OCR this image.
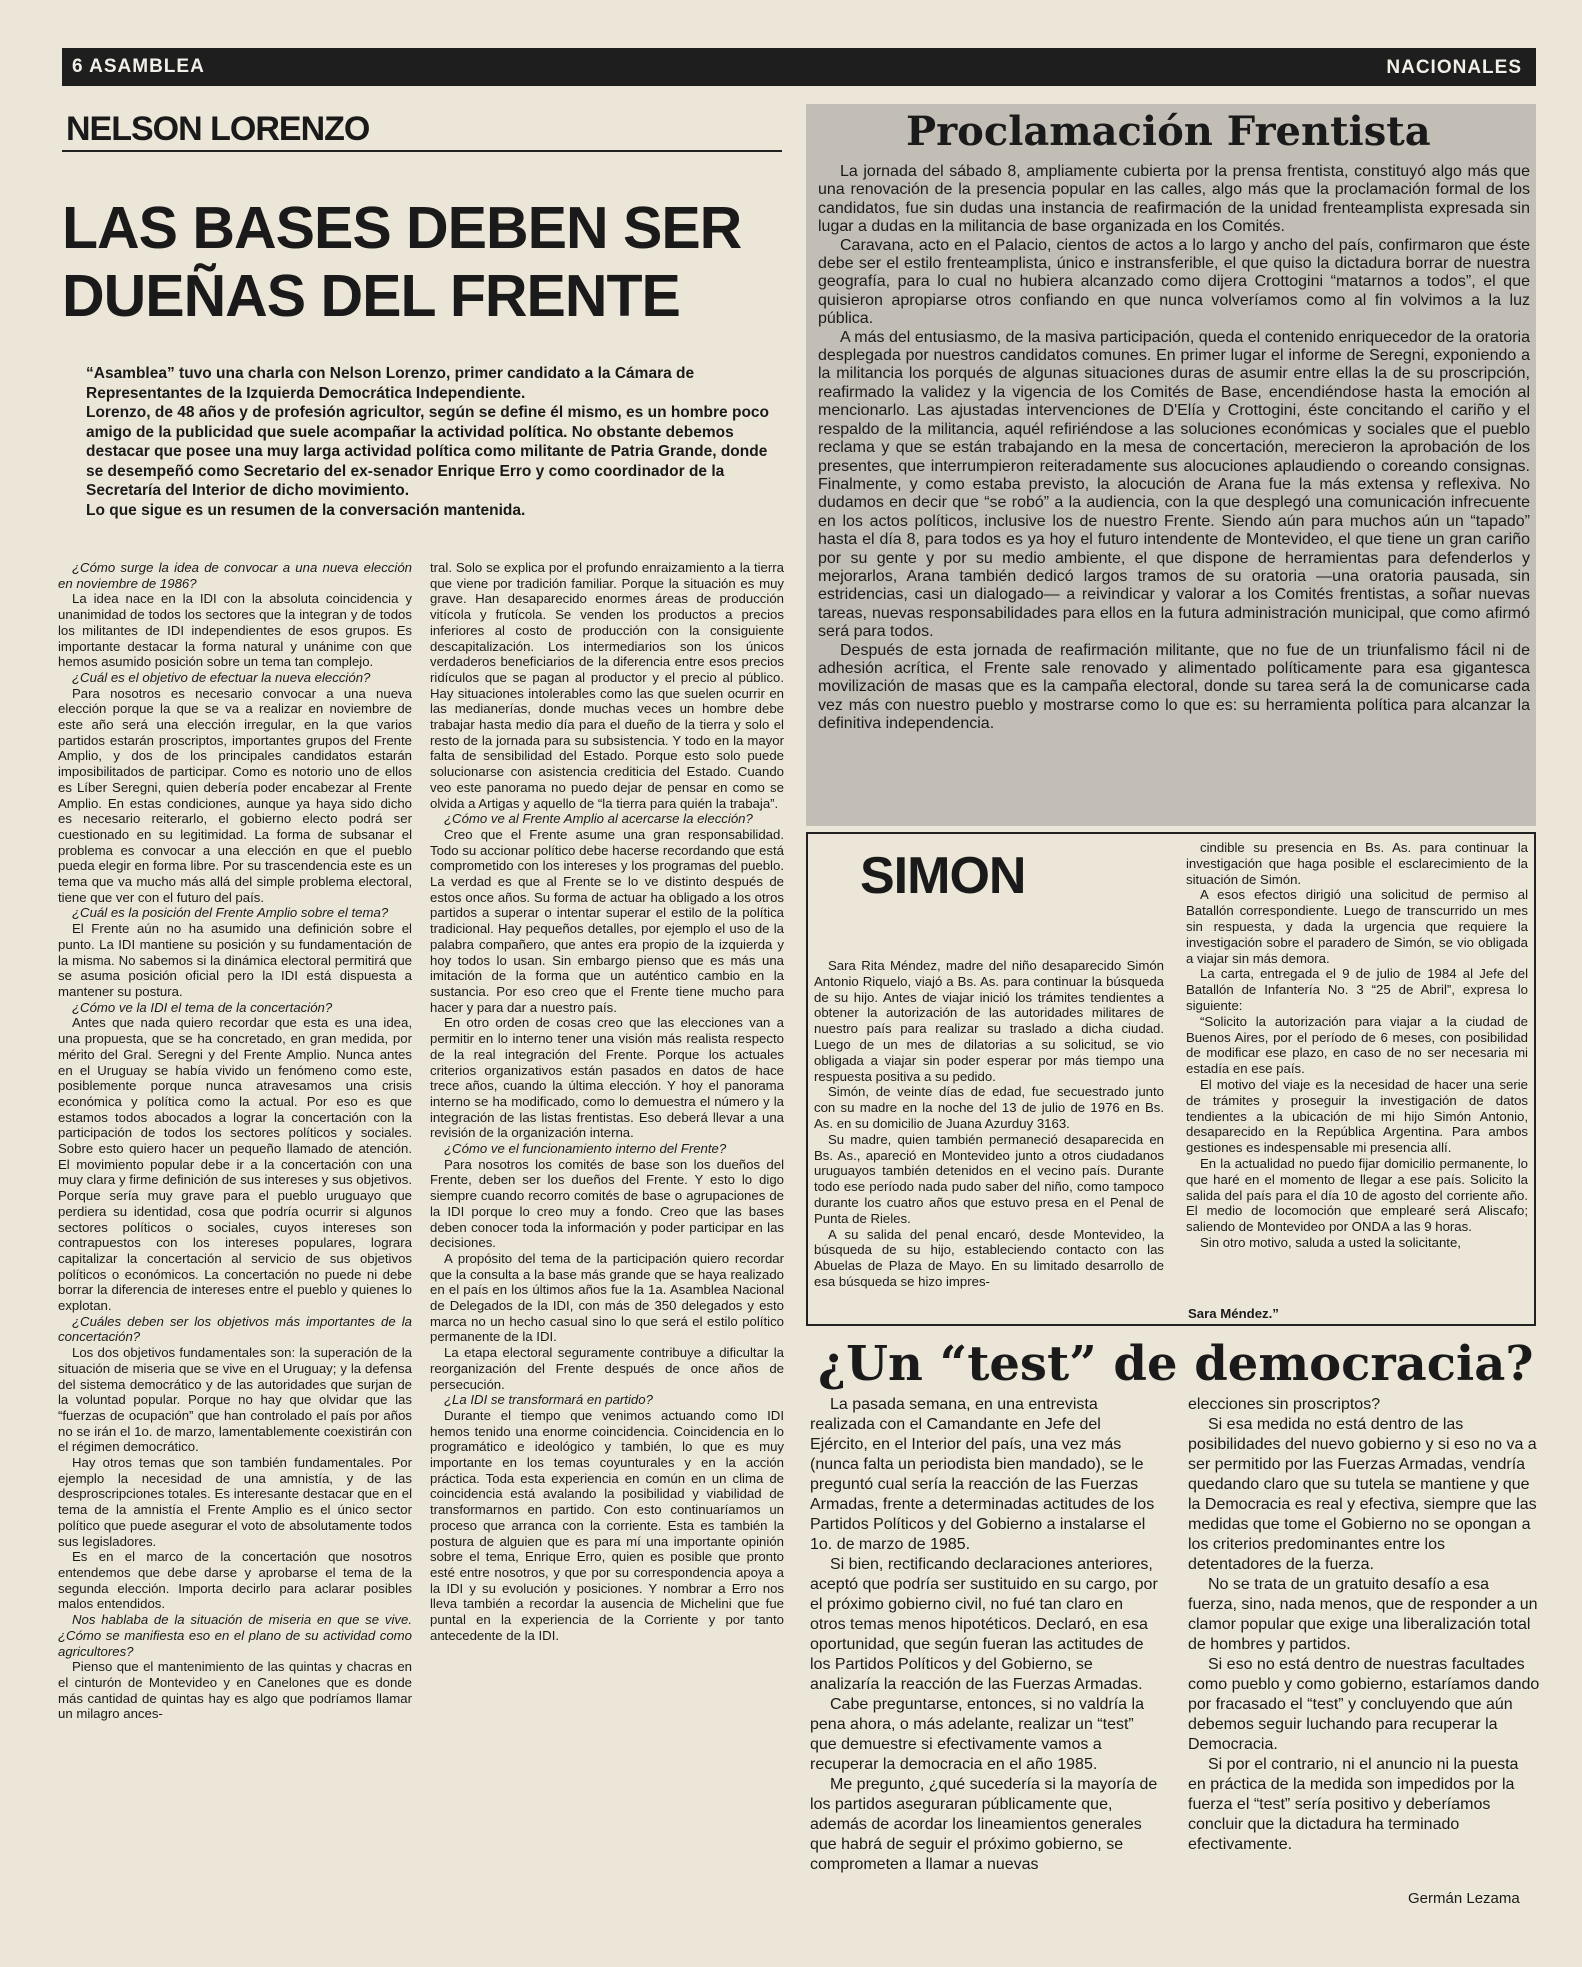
6 ASAMBLEA	NACIONALES
NELSON LORENZO
LAS BASES DEBEN SER DUEÑAS DEL FRENTE

“Asamblea” tuvo una charla con Nelson Lorenzo, primer candidato a la Cámara de Representantes de la Izquierda Democrática Independiente.

Lorenzo, de 48 años y de profesión agricultor, según se define él mismo, es un hombre poco amigo de la publicidad que suele acompañar la actividad política. No obstante debemos destacar que posee una muy larga actividad política como militante de Patria Grande, donde se desempeñó como Secretario del ex-senador Enrique Erro y como coordinador de la Secretaría del Interior de dicho movimiento.

Lo que sigue es un resumen de la conversación mantenida.

¿Cómo surge la idea de convocar a una nueva elección en noviembre de 1986?

La idea nace en la IDI con la absoluta coincidencia y unanimidad de todos los sectores que la integran y de todos los militantes de IDI independientes de esos grupos. Es importante destacar la forma natural y unánime con que hemos asumido posición sobre un tema tan complejo.

¿Cuál es el objetivo de efectuar la nueva elección?

Para nosotros es necesario convocar a una nueva elección porque la que se va a realizar en noviembre de este año será una elección irregular, en la que varios partidos estarán proscriptos, importantes grupos del Frente Amplio, y dos de los principales candidatos estarán imposibilitados de participar. Como es notorio uno de ellos es Líber Seregni, quien debería poder encabezar al Frente Amplio. En estas condiciones, aunque ya haya sido dicho es necesario reiterarlo, el gobierno electo podrá ser cuestionado en su legitimidad. La forma de subsanar el problema es convocar a una elección en que el pueblo pueda elegir en forma libre. Por su trascendencia este es un tema que va mucho más allá del simple problema electoral, tiene que ver con el futuro del país.

¿Cuál es la posición del Frente Amplio sobre el tema?

El Frente aún no ha asumido una definición sobre el punto. La IDI mantiene su posición y su fundamentación de la misma. No sabemos si la dinámica electoral permitirá que se asuma posición oficial pero la IDI está dispuesta a mantener su postura.

¿Cómo ve la IDI el tema de la concertación?

Antes que nada quiero recordar que esta es una idea, una propuesta, que se ha concretado, en gran medida, por mérito del Gral. Seregni y del Frente Amplio. Nunca antes en el Uruguay se había vivido un fenómeno como este, posiblemente porque nunca atravesamos una crisis económica y política como la actual. Por eso es que estamos todos abocados a lograr la concertación con la participación de todos los sectores políticos y sociales. Sobre esto quiero hacer un pequeño llamado de atención. El movimiento popular debe ir a la concertación con una muy clara y firme definición de sus intereses y sus objetivos. Porque sería muy grave para el pueblo uruguayo que perdiera su identidad, cosa que podría ocurrir si algunos sectores políticos o sociales, cuyos intereses son contrapuestos con los intereses populares, lograra capitalizar la concertación al servicio de sus objetivos políticos o económicos. La concertación no puede ni debe borrar la diferencia de intereses entre el pueblo y quienes lo explotan.

¿Cuáles deben ser los objetivos más importantes de la concertación?

Los dos objetivos fundamentales son: la superación de la situación de miseria que se vive en el Uruguay; y la defensa del sistema democrático y de las autoridades que surjan de la voluntad popular. Porque no hay que olvidar que las “fuerzas de ocupación” que han controlado el país por años no se irán el 1o. de marzo, lamentablemente coexistirán con el régimen democrático.

Hay otros temas que son también fundamentales. Por ejemplo la necesidad de una amnistía, y de las desproscripciones totales. Es interesante destacar que en el tema de la amnistía el Frente Amplio es el único sector político que puede asegurar el voto de absolutamente todos sus legisladores.

Es en el marco de la concertación que nosotros entendemos que debe darse y aprobarse el tema de la segunda elección. Importa decirlo para aclarar posibles malos entendidos.

Nos hablaba de la situación de miseria en que se vive. ¿Cómo se manifiesta eso en el plano de su actividad como agricultores?

Pienso que el mantenimiento de las quintas y chacras en el cinturón de Montevideo y en Canelones que es donde más cantidad de quintas hay es algo que podríamos llamar un milagro ances-

tral. Solo se explica por el profundo enraizamiento a la tierra que viene por tradición familiar. Porque la situación es muy grave. Han desaparecido enormes áreas de producción vitícola y frutícola. Se venden los productos a precios inferiores al costo de producción con la consiguiente descapitalización. Los intermediarios son los únicos verdaderos beneficiarios de la diferencia entre esos precios ridículos que se pagan al productor y el precio al público. Hay situaciones intolerables como las que suelen ocurrir en las medianerías, donde muchas veces un hombre debe trabajar hasta medio día para el dueño de la tierra y solo el resto de la jornada para su subsistencia. Y todo en la mayor falta de sensibilidad del Estado. Porque esto solo puede solucionarse con asistencia crediticia del Estado. Cuando veo este panorama no puedo dejar de pensar en como se olvida a Artigas y aquello de “la tierra para quién la trabaja”.

¿Cómo ve al Frente Amplio al acercarse la elección?

Creo que el Frente asume una gran responsabilidad. Todo su accionar político debe hacerse recordando que está comprometido con los intereses y los programas del pueblo. La verdad es que al Frente se lo ve distinto después de estos once años. Su forma de actuar ha obligado a los otros partidos a superar o intentar superar el estilo de la política tradicional. Hay pequeños detalles, por ejemplo el uso de la palabra compañero, que antes era propio de la izquierda y hoy todos lo usan. Sin embargo pienso que es más una imitación de la forma que un auténtico cambio en la sustancia. Por eso creo que el Frente tiene mucho para hacer y para dar a nuestro país.

En otro orden de cosas creo que las elecciones van a permitir en lo interno tener una visión más realista respecto de la real integración del Frente. Porque los actuales criterios organizativos están pasados en datos de hace trece años, cuando la última elección. Y hoy el panorama interno se ha modificado, como lo demuestra el número y la integración de las listas frentistas. Eso deberá llevar a una revisión de la organización interna.

¿Cómo ve el funcionamiento interno del Frente?

Para nosotros los comités de base son los dueños del Frente, deben ser los dueños del Frente. Y esto lo digo siempre cuando recorro comités de base o agrupaciones de la IDI porque lo creo muy a fondo. Creo que las bases deben conocer toda la información y poder participar en las decisiones.

A propósito del tema de la participación quiero recordar que la consulta a la base más grande que se haya realizado en el país en los últimos años fue la 1a. Asamblea Nacional de Delegados de la IDI, con más de 350 delegados y esto marca no un hecho casual sino lo que será el estilo político permanente de la IDI.

La etapa electoral seguramente contribuye a dificultar la reorganización del Frente después de once años de persecución.

¿La IDI se transformará en partido?

Durante el tiempo que venimos actuando como IDI hemos tenido una enorme coincidencia. Coincidencia en lo programático e ideológico y también, lo que es muy importante en los temas coyunturales y en la acción práctica. Toda esta experiencia en común en un clima de coincidencia está avalando la posibilidad y viabilidad de transformarnos en partido. Con esto continuaríamos un proceso que arranca con la corriente. Esta es también la postura de alguien que es para mí una importante opinión sobre el tema, Enrique Erro, quien es posible que pronto esté entre nosotros, y que por su correspondencia apoya a la IDI y su evolución y posiciones. Y nombrar a Erro nos lleva también a recordar la ausencia de Michelini que fue puntal en la experiencia de la Corriente y por tanto antecedente de la IDI.

Proclamación Frentista

La jornada del sábado 8, ampliamente cubierta por la prensa frentista, constituyó algo más que una renovación de la presencia popular en las calles, algo más que la proclamación formal de los candidatos, fue sin dudas una instancia de reafirmación de la unidad frenteamplista expresada sin lugar a dudas en la militancia de base organizada en los Comités.

Caravana, acto en el Palacio, cientos de actos a lo largo y ancho del país, confirmaron que éste debe ser el estilo frenteamplista, único e instransferible, el que quiso la dictadura borrar de nuestra geografía, para lo cual no hubiera alcanzado como dijera Crottogini “matarnos a todos”, el que quisieron apropiarse otros confiando en que nunca volveríamos como al fin volvimos a la luz pública.

A más del entusiasmo, de la masiva participación, queda el contenido enriquecedor de la oratoria desplegada por nuestros candidatos comunes. En primer lugar el informe de Seregni, exponiendo a la militancia los porqués de algunas situaciones duras de asumir entre ellas la de su proscripción, reafirmado la validez y la vigencia de los Comités de Base, encendiéndose hasta la emoción al mencionarlo. Las ajustadas intervenciones de D'Elía y Crottogini, éste concitando el cariño y el respaldo de la militancia, aquél refiriéndose a las soluciones económicas y sociales que el pueblo reclama y que se están trabajando en la mesa de concertación, merecieron la aprobación de los presentes, que interrumpieron reiteradamente sus alocuciones aplaudiendo o coreando consignas. Finalmente, y como estaba previsto, la alocución de Arana fue la más extensa y reflexiva. No dudamos en decir que “se robó” a la audiencia, con la que desplegó una comunicación infrecuente en los actos políticos, inclusive los de nuestro Frente. Siendo aún para muchos aún un “tapado” hasta el día 8, para todos es ya hoy el futuro intendente de Montevideo, el que tiene un gran cariño por su gente y por su medio ambiente, el que dispone de herramientas para defenderlos y mejorarlos, Arana también dedicó largos tramos de su oratoria —una oratoria pausada, sin estridencias, casi un dialogado— a reivindicar y valorar a los Comités frentistas, a soñar nuevas tareas, nuevas responsabilidades para ellos en la futura administración municipal, que como afirmó será para todos.

Después de esta jornada de reafirmación militante, que no fue de un triunfalismo fácil ni de adhesión acrítica, el Frente sale renovado y alimentado políticamente para esa gigantesca movilización de masas que es la campaña electoral, donde su tarea será la de comunicarse cada vez más con nuestro pueblo y mostrarse como lo que es: su herramienta política para alcanzar la definitiva independencia.

SIMON

Sara Rita Méndez, madre del niño desaparecido Simón Antonio Riquelo, viajó a Bs. As. para continuar la búsqueda de su hijo. Antes de viajar inició los trámites tendientes a obtener la autorización de las autoridades militares de nuestro país para realizar su traslado a dicha ciudad. Luego de un mes de dilatorias a su solicitud, se vio obligada a viajar sin poder esperar por más tiempo una respuesta positiva a su pedido.

Simón, de veinte días de edad, fue secuestrado junto con su madre en la noche del 13 de julio de 1976 en Bs. As. en su domicilio de Juana Azurduy 3163.

Su madre, quien también permaneció desaparecida en Bs. As., apareció en Montevideo junto a otros ciudadanos uruguayos también detenidos en el vecino país. Durante todo ese período nada pudo saber del niño, como tampoco durante los cuatro años que estuvo presa en el Penal de Punta de Rieles.

A su salida del penal encaró, desde Montevideo, la búsqueda de su hijo, estableciendo contacto con las Abuelas de Plaza de Mayo. En su limitado desarrollo de esa búsqueda se hizo impres-

cindible su presencia en Bs. As. para continuar la investigación que haga posible el esclarecimiento de la situación de Simón.

A esos efectos dirigió una solicitud de permiso al Batallón correspondiente. Luego de transcurrido un mes sin respuesta, y dada la urgencia que requiere la investigación sobre el paradero de Simón, se vio obligada a viajar sin más demora.

La carta, entregada el 9 de julio de 1984 al Jefe del Batallón de Infantería No. 3 “25 de Abril”, expresa lo siguiente:

“Solicito la autorización para viajar a la ciudad de Buenos Aires, por el período de 6 meses, con posibilidad de modificar ese plazo, en caso de no ser necesaria mi estadía en ese país.

El motivo del viaje es la necesidad de hacer una serie de trámites y proseguir la investigación de datos tendientes a la ubicación de mi hijo Simón Antonio, desaparecido en la República Argentina. Para ambos gestiones es indespensable mi presencia allí.

En la actualidad no puedo fijar domicilio permanente, lo que haré en el momento de llegar a ese país. Solicito la salida del país para el día 10 de agosto del corriente año. El medio de locomoción que emplearé será Aliscafo; saliendo de Montevideo por ONDA a las 9 horas.

Sin otro motivo, saluda a usted la solicitante,

Sara Méndez.”
¿Un “test” de democracia?

La pasada semana, en una entrevista realizada con el Camandante en Jefe del Ejército, en el Interior del país, una vez más (nunca falta un periodista bien mandado), se le preguntó cual sería la reacción de las Fuerzas Armadas, frente a determinadas actitudes de los Partidos Políticos y del Gobierno a instalarse el 1o. de marzo de 1985.

Si bien, rectificando declaraciones anteriores, aceptó que podría ser sustituido en su cargo, por el próximo gobierno civil, no fué tan claro en otros temas menos hipotéticos. Declaró, en esa oportunidad, que según fueran las actitudes de los Partidos Políticos y del Gobierno, se analizaría la reacción de las Fuerzas Armadas.

Cabe preguntarse, entonces, si no valdría la pena ahora, o más adelante, realizar un “test” que demuestre si efectivamente vamos a recuperar la democracia en el año 1985.

Me pregunto, ¿qué sucedería si la mayoría de los partidos aseguraran públicamente que, además de acordar los lineamientos generales que habrá de seguir el próximo gobierno, se comprometen a llamar a nuevas

elecciones sin proscriptos?

Si esa medida no está dentro de las posibilidades del nuevo gobierno y si eso no va a ser permitido por las Fuerzas Armadas, vendría quedando claro que su tutela se mantiene y que la Democracia es real y efectiva, siempre que las medidas que tome el Gobierno no se opongan a los criterios predominantes entre los detentadores de la fuerza.

No se trata de un gratuito desafío a esa fuerza, sino, nada menos, que de responder a un clamor popular que exige una liberalización total de hombres y partidos.

Si eso no está dentro de nuestras facultades como pueblo y como gobierno, estaríamos dando por fracasado el “test” y concluyendo que aún debemos seguir luchando para recuperar la Democracia.

Si por el contrario, ni el anuncio ni la puesta en práctica de la medida son impedidos por la fuerza el “test” sería positivo y deberíamos concluir que la dictadura ha terminado efectivamente.

Germán Lezama
